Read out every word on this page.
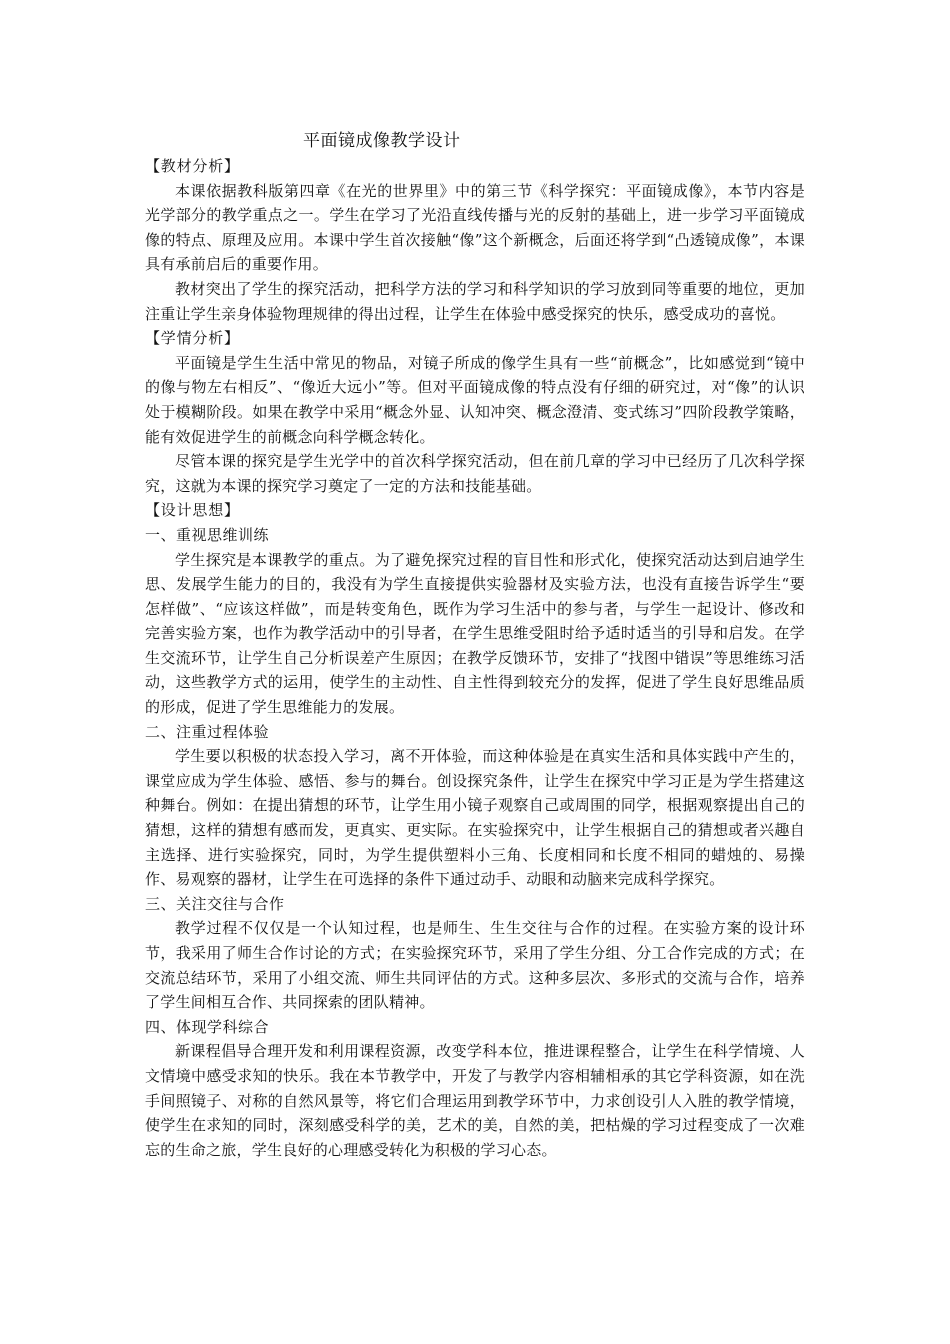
平面镜成像教学设计
【教材分析】

本课依据教科版第四章《在光的世界里》中的第三节《科学探究：平面镜成像》，本节内容是光学部分的教学重点之一。学生在学习了光沿直线传播与光的反射的基础上，进一步学习平面镜成像的特点、原理及应用。本课中学生首次接触“像”这个新概念，后面还将学到“凸透镜成像”，本课具有承前启后的重要作用。

教材突出了学生的探究活动，把科学方法的学习和科学知识的学习放到同等重要的地位，更加注重让学生亲身体验物理规律的得出过程，让学生在体验中感受探究的快乐，感受成功的喜悦。

【学情分析】

平面镜是学生生活中常见的物品，对镜子所成的像学生具有一些“前概念”，比如感觉到“镜中的像与物左右相反”、“像近大远小”等。但对平面镜成像的特点没有仔细的研究过，对“像”的认识处于模糊阶段。如果在教学中采用“概念外显、认知冲突、概念澄清、变式练习”四阶段教学策略，能有效促进学生的前概念向科学概念转化。

尽管本课的探究是学生光学中的首次科学探究活动，但在前几章的学习中已经历了几次科学探究，这就为本课的探究学习奠定了一定的方法和技能基础。

【设计思想】
一、重视思维训练

学生探究是本课教学的重点。为了避免探究过程的盲目性和形式化，使探究活动达到启迪学生思、发展学生能力的目的，我没有为学生直接提供实验器材及实验方法，也没有直接告诉学生“要怎样做”、“应该这样做”，而是转变角色，既作为学习生活中的参与者，与学生一起设计、修改和完善实验方案，也作为教学活动中的引导者，在学生思维受阻时给予适时适当的引导和启发。在学生交流环节，让学生自己分析误差产生原因；在教学反馈环节，安排了“找图中错误”等思维练习活动，这些教学方式的运用，使学生的主动性、自主性得到较充分的发挥，促进了学生良好思维品质的形成，促进了学生思维能力的发展。

二、注重过程体验

学生要以积极的状态投入学习，离不开体验，而这种体验是在真实生活和具体实践中产生的，课堂应成为学生体验、感悟、参与的舞台。创设探究条件，让学生在探究中学习正是为学生搭建这种舞台。例如：在提出猜想的环节，让学生用小镜子观察自己或周围的同学，根据观察提出自己的猜想，这样的猜想有感而发，更真实、更实际。在实验探究中，让学生根据自己的猜想或者兴趣自主选择、进行实验探究，同时，为学生提供塑料小三角、长度相同和长度不相同的蜡烛的、易操作、易观察的器材，让学生在可选择的条件下通过动手、动眼和动脑来完成科学探究。

三、关注交往与合作

教学过程不仅仅是一个认知过程，也是师生、生生交往与合作的过程。在实验方案的设计环节，我采用了师生合作讨论的方式；在实验探究环节，采用了学生分组、分工合作完成的方式；在交流总结环节，采用了小组交流、师生共同评估的方式。这种多层次、多形式的交流与合作，培养了学生间相互合作、共同探索的团队精神。

四、体现学科综合

新课程倡导合理开发和利用课程资源，改变学科本位，推进课程整合，让学生在科学情境、人文情境中感受求知的快乐。我在本节教学中，开发了与教学内容相辅相承的其它学科资源，如在洗手间照镜子、对称的自然风景等，将它们合理运用到教学环节中，力求创设引人入胜的教学情境，使学生在求知的同时，深刻感受科学的美，艺术的美，自然的美，把枯燥的学习过程变成了一次难忘的生命之旅，学生良好的心理感受转化为积极的学习心态。
